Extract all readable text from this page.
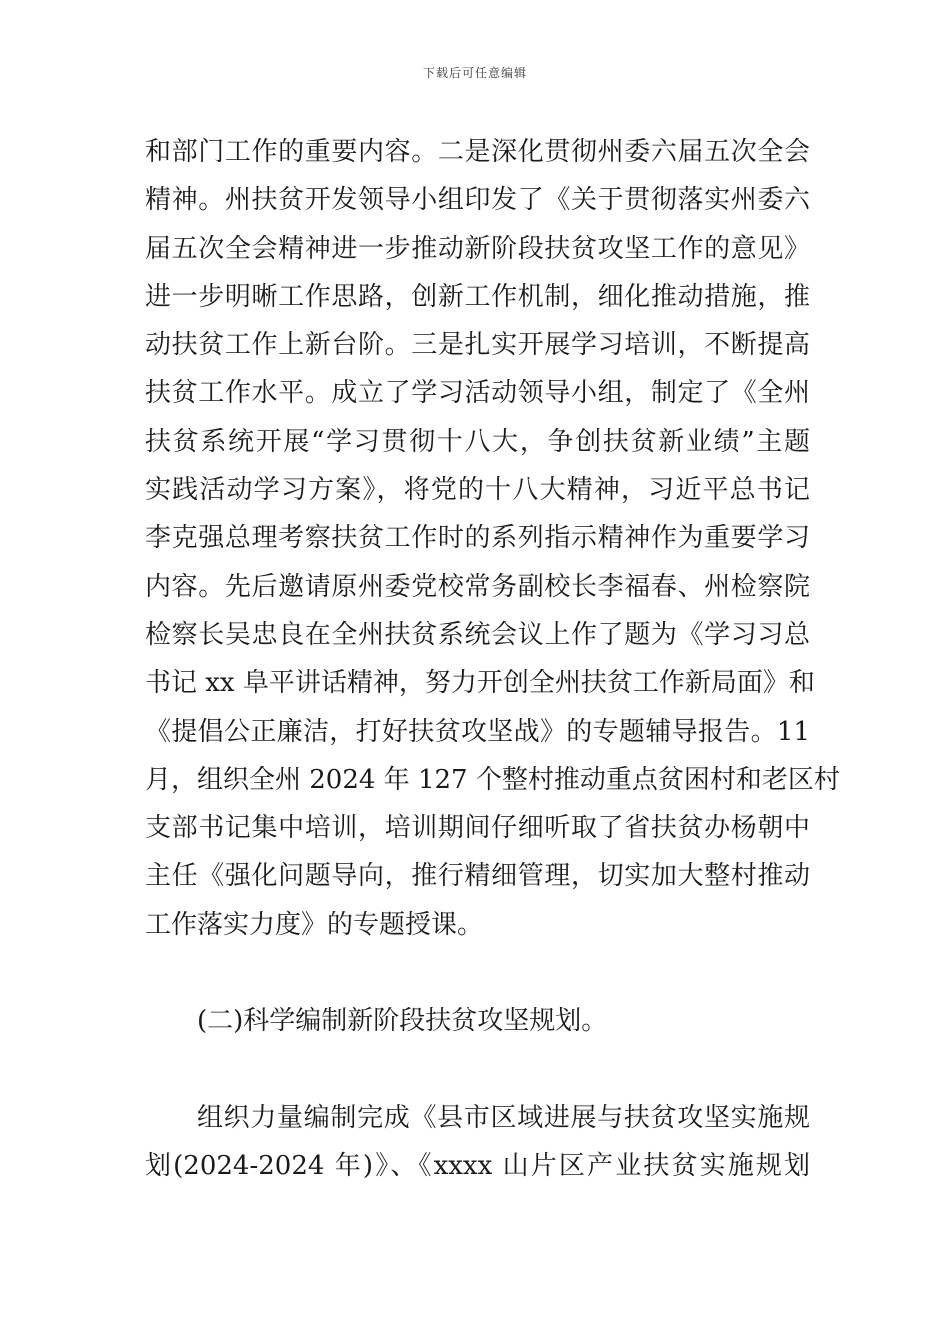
下载后可任意编辑
和部门工作的重要内容。二是深化贯彻州委六届五次全会
精神。州扶贫开发领导小组印发了《关于贯彻落实州委六
届五次全会精神进一步推动新阶段扶贫攻坚工作的意见》
进一步明晰工作思路，创新工作机制，细化推动措施，推
动扶贫工作上新台阶。三是扎实开展学习培训，不断提高
扶贫工作水平。成立了学习活动领导小组，制定了《全州
扶贫系统开展“学习贯彻十八大，争创扶贫新业绩”主题
实践活动学习方案》，将党的十八大精神，习近平总书记
李克强总理考察扶贫工作时的系列指示精神作为重要学习
内容。先后邀请原州委党校常务副校长李福春、州检察院
检察长吴忠良在全州扶贫系统会议上作了题为《学习习总
书记 xx 阜平讲话精神，努力开创全州扶贫工作新局面》和
《提倡公正廉洁，打好扶贫攻坚战》的专题辅导报告。11
月，组织全州 2024 年 127 个整村推动重点贫困村和老区村
支部书记集中培训，培训期间仔细听取了省扶贫办杨朝中
主任《强化问题导向，推行精细管理，切实加大整村推动
工作落实力度》的专题授课。
(二)科学编制新阶段扶贫攻坚规划。
组织力量编制完成《县市区域进展与扶贫攻坚实施规
划(2024-2024 年)》、《xxxx 山片区产业扶贫实施规划
